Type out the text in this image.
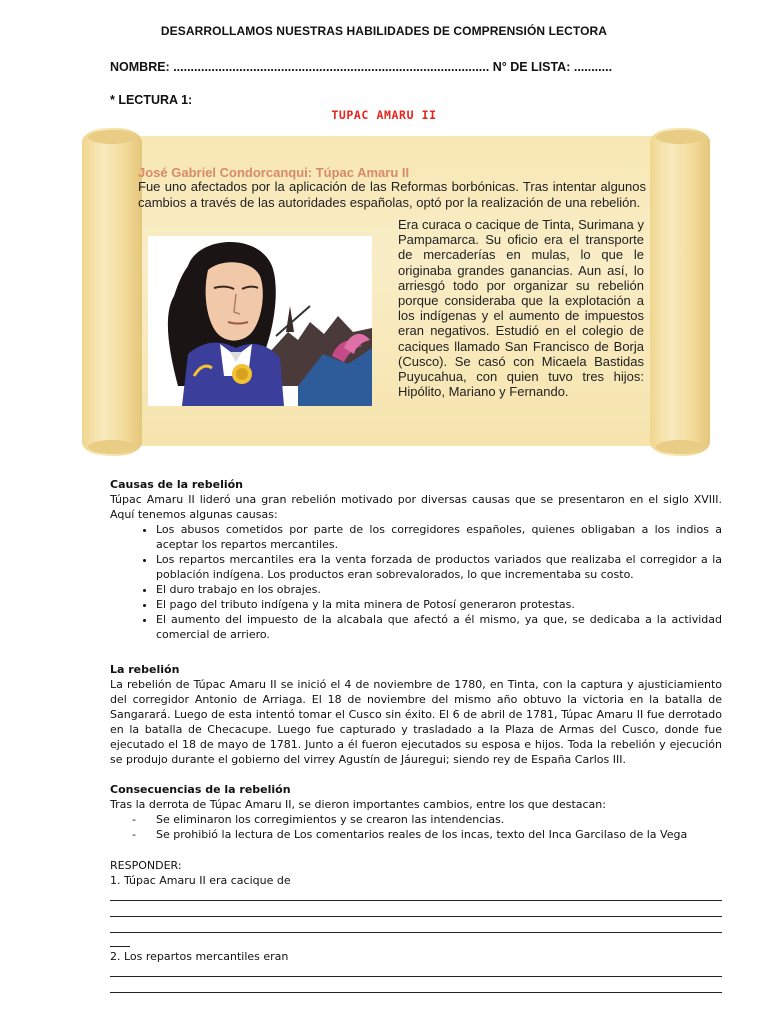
DESARROLLAMOS NUESTRAS HABILIDADES DE COMPRENSIÓN LECTORA
NOMBRE: ........................................................................................... N° DE LISTA: ...........
* LECTURA 1:
TUPAC AMARU II
José Gabriel Condorcanqui: Túpac Amaru II
Fue uno afectados por la aplicación de las Reformas borbónicas. Tras intentar algunos cambios a través de las autoridades españolas, optó por la realización de una rebelión.
Era curaca o cacique de Tinta, Surimana y Pampamarca. Su oficio era el transporte de mercaderías en mulas, lo que le originaba grandes ganancias. Aun así, lo arriesgó todo por organizar su rebelión porque consideraba que la explotación a los indígenas y el aumento de impuestos eran negativos. Estudió en el colegio de caciques llamado San Francisco de Borja (Cusco). Se casó con Micaela Bastidas Puyucahua, con quien tuvo tres hijos: Hipólito, Mariano y Fernando.
Causas de la rebelión
Túpac Amaru II lideró una gran rebelión motivado por diversas causas que se presentaron en el siglo XVIII. Aquí tenemos algunas causas:
• Los abusos cometidos por parte de los corregidores españoles, quienes obligaban a los indios a aceptar los repartos mercantiles.
• Los repartos mercantiles era la venta forzada de productos variados que realizaba el corregidor a la población indígena. Los productos eran sobrevalorados, lo que incrementaba su costo.
• El duro trabajo en los obrajes.
• El pago del tributo indígena y la mita minera de Potosí generaron protestas.
• El aumento del impuesto de la alcabala que afectó a él mismo, ya que, se dedicaba a la actividad comercial de arriero.
La rebelión
La rebelión de Túpac Amaru II se inició el 4 de noviembre de 1780, en Tinta, con la captura y ajusticiamiento del corregidor Antonio de Arriaga. El 18 de noviembre del mismo año obtuvo la victoria en la batalla de Sangarará. Luego de esta intentó tomar el Cusco sin éxito. El 6 de abril de 1781, Túpac Amaru II fue derrotado en la batalla de Checacupe. Luego fue capturado y trasladado a la Plaza de Armas del Cusco, donde fue ejecutado el 18 de mayo de 1781. Junto a él fueron ejecutados su esposa e hijos. Toda la rebelión y ejecución se produjo durante el gobierno del virrey Agustín de Jáuregui; siendo rey de España Carlos III.
Consecuencias de la rebelión
Tras la derrota de Túpac Amaru II, se dieron importantes cambios, entre los que destacan:
- Se eliminaron los corregimientos y se crearon las intendencias.
- Se prohibió la lectura de Los comentarios reales de los incas, texto del Inca Garcilaso de la Vega
RESPONDER:
1. Túpac Amaru II era cacique de
2. Los repartos mercantiles eran
